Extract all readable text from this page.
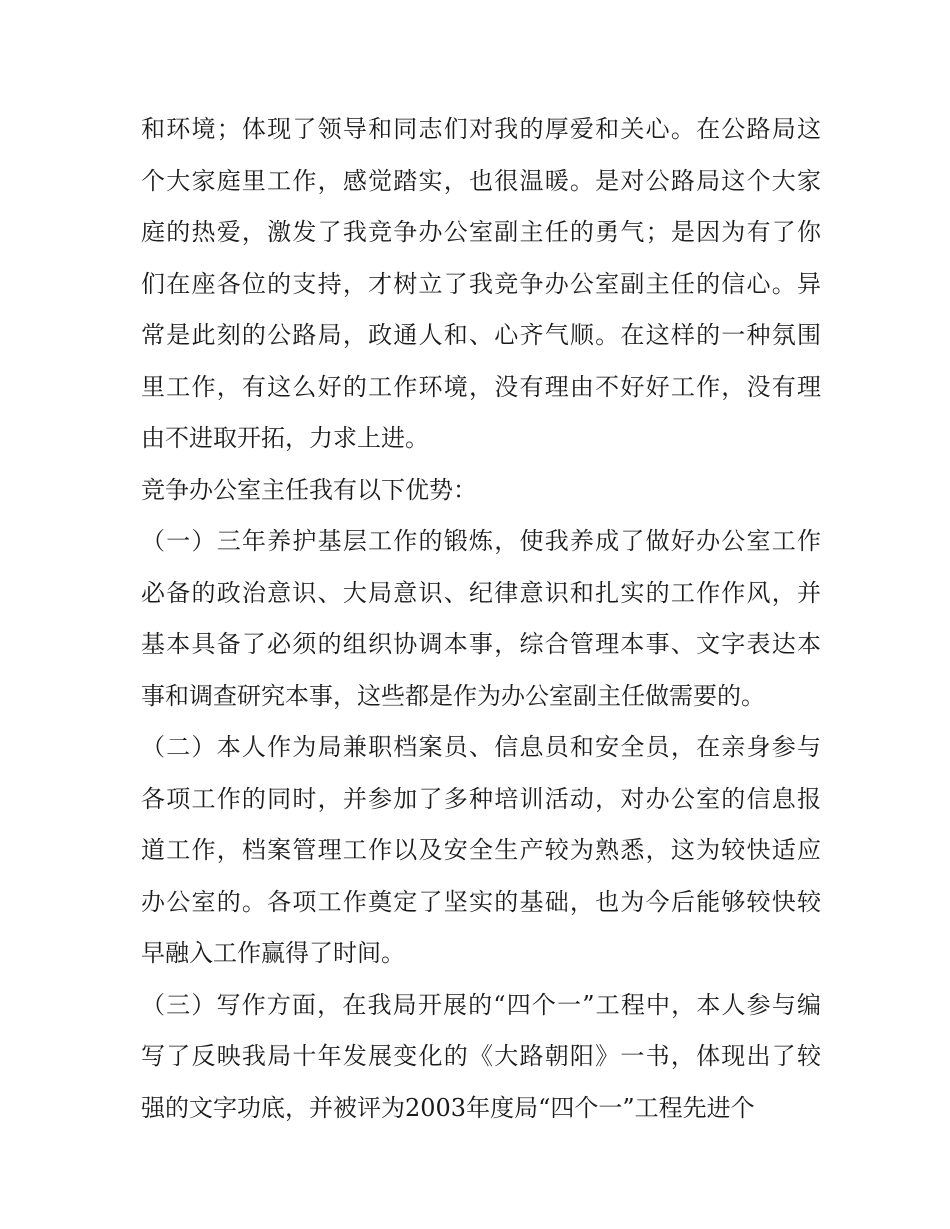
和环境；体现了领导和同志们对我的厚爱和关心。在公路局这
个大家庭里工作，感觉踏实，也很温暖。是对公路局这个大家
庭的热爱，激发了我竞争办公室副主任的勇气；是因为有了你
们在座各位的支持，才树立了我竞争办公室副主任的信心。异
常是此刻的公路局，政通人和、心齐气顺。在这样的一种氛围
里工作，有这么好的工作环境，没有理由不好好工作，没有理
由不进取开拓，力求上进。
竞争办公室主任我有以下优势：
（一）三年养护基层工作的锻炼，使我养成了做好办公室工作
必备的政治意识、大局意识、纪律意识和扎实的工作作风，并
基本具备了必须的组织协调本事，综合管理本事、文字表达本
事和调查研究本事，这些都是作为办公室副主任做需要的。
（二）本人作为局兼职档案员、信息员和安全员，在亲身参与
各项工作的同时，并参加了多种培训活动，对办公室的信息报
道工作，档案管理工作以及安全生产较为熟悉，这为较快适应
办公室的。各项工作奠定了坚实的基础，也为今后能够较快较
早融入工作赢得了时间。
（三）写作方面，在我局开展的“四个一”工程中，本人参与编
写了反映我局十年发展变化的《大路朝阳》一书，体现出了较
强的文字功底，并被评为2003年度局“四个一”工程先进个
